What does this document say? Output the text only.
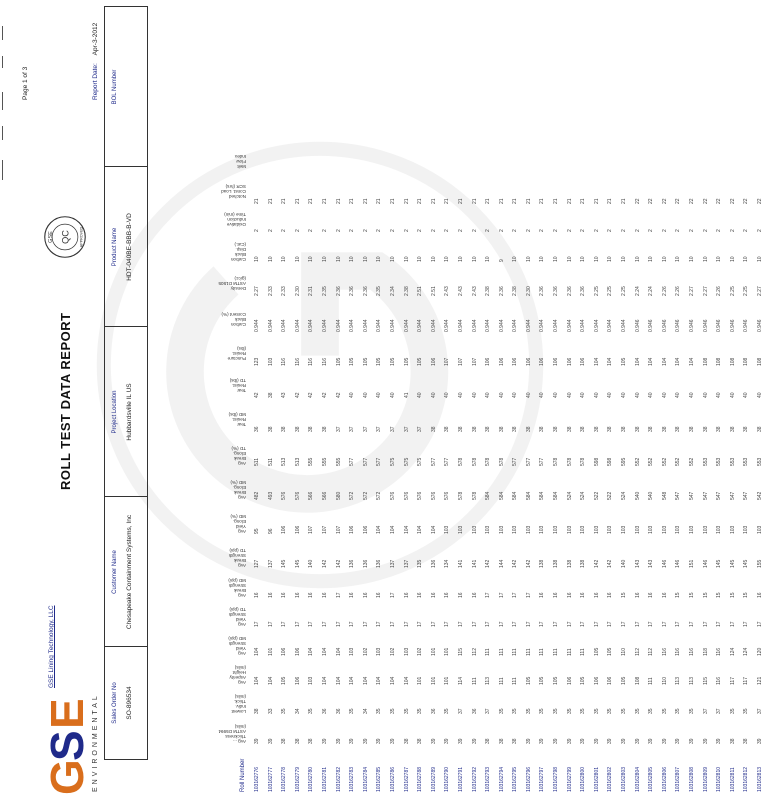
G
S
E ENVIRONMENTAL
GSE Lining Technology, LLC
ROLL TEST DATA REPORT
Page 1 of 3
GSE QC APPROVED
Report Date: Apr-3-2012
Sales Order No SO-896534
Customer Name Chesapeake Containment Systems, Inc
Project Location Hubbardsville IL US
Product Name HDT-040BE-BBB-B-VD
BOL Number
Avg ...
Thickness
ASTM D5994
(mils)
Lowest
Indiv.
Thick.
(mils)
Avg
Asperity
Height
(mils)
Avg
Yield
Strength
MD (ppi)
Avg
Yield
Strength
TD (ppi)
Avg
Break
Strength
MD (ppi)
Avg
Break
Strength
TD (ppi)
Avg
Yield
Elong.
MD (%)
Avg
Break
Elong.
MD (%)
Avg
Break
Elong.
TD (%)
Tear
Resist.
MD (lbs)
Tear
Resist.
TD (lbs)
Puncture
Resist.
(lbs)
Carbon
Black
Content (%)
Density
ASTM D1505
(g/cc)
Carbon
Black
Disp.
(Cat.)
Oxidative
Induction
Time (min)
Notched
Const. Load
SCR (hrs)
Melt
Flow
Index
Roll Number 103162776
39
38
104
104
17
16
127
95
482
511
36
42
123
0.944
2.27
10
2
21
103162777
39
33
104
101
17
16
137
96
493
511
38
38
103
0.944
2.33
10
2
21
103162778
38
35
105
106
17
16
145
106
576
513
38
43
116
0.944
2.33
10
2
21
103162779
38
34
106
106
17
16
145
106
576
513
38
42
116
0.944
2.30
10
2
21
103162780
38
35
103
104
17
16
140
107
566
555
38
42
116
0.944
2.31
10
2
21
103162781
39
36
104
104
17
16
142
107
566
555
38
42
116
0.944
2.35
10
2
21
103162782
39
36
104
104
17
17
142
107
580
555
37
42
105
0.944
2.36
10
2
21
103162783
39
35
104
103
17
16
136
106
572
577
37
40
105
0.944
2.36
10
2
21
103162784
39
34
104
102
17
16
136
106
572
577
37
40
105
0.944
2.36
10
2
21
103162785
39
35
104
103
17
16
136
104
572
577
37
40
105
0.944
2.35
10
2
21
103162786
39
35
104
102
17
17
137
104
576
575
37
40
105
0.944
2.34
10
2
21
103162787
38
35
104
103
17
16
137
104
576
575
37
41
105
0.944
2.38
10
2
21
103162788
38
35
101
102
17
16
135
104
576
575
37
40
105
0.944
2.51
10
2
21
103162789
39
36
101
101
17
16
136
104
576
577
38
40
106
0.944
2.51
10
2
21
103162790
39
35
101
101
17
16
134
103
576
577
38
40
107
0.944
2.43
10
2
21
103162791
39
37
114
115
17
16
141
103
578
578
38
40
107
0.944
2.43
10
2
21
103162792
39
36
111
112
17
16
141
103
578
578
38
40
107
0.944
2.43
10
2
21
103162793
38
37
113
111
17
17
142
103
584
578
38
40
106
0.944
2.38
10
2
21
103162794
38
35
111
111
17
17
144
103
584
578
38
40
106
0.944
2.36
9
2
21
103162795
38
35
111
111
17
17
142
103
584
577
38
40
106
0.944
2.38
10
2
21
103162796
39
35
105
111
17
17
142
103
584
577
38
40
106
0.944
2.30
10
2
21
103162797
39
35
105
111
17
16
138
103
584
577
38
40
106
0.944
2.36
10
2
21
103162798
39
35
105
111
17
16
138
103
584
578
38
40
106
0.944
2.36
10
2
21
103162799
39
35
106
111
17
16
138
103
524
578
38
40
106
0.944
2.36
10
2
21
103162800
39
35
105
111
17
16
138
103
524
578
38
40
106
0.944
2.36
10
2
21
103162801
39
35
106
105
17
16
142
103
522
598
38
40
104
0.944
2.25
10
2
21
103162802
39
35
106
105
17
16
142
103
522
598
38
40
104
0.944
2.25
10
2
21
103162803
39
35
105
110
17
15
140
103
524
595
38
40
105
0.944
2.25
10
2
21
103162804
39
35
108
112
17
16
143
103
540
552
38
40
104
0.946
2.24
10
2
22
103162805
39
35
111
112
17
16
143
103
540
552
38
40
104
0.946
2.24
10
2
22
103162806
39
35
110
116
17
16
146
103
548
552
38
40
104
0.946
2.26
10
2
22
103162807
39
35
113
116
17
15
146
103
547
552
38
40
104
0.946
2.26
10
2
22
103162808
39
35
113
116
17
15
151
103
547
552
38
40
104
0.946
2.27
10
2
22
103162809
39
37
115
118
17
15
146
103
547
553
38
40
108
0.946
2.27
10
2
22
103162810
39
37
116
116
17
15
145
103
547
553
38
40
108
0.946
2.26
10
2
22
103162811
38
35
117
124
17
15
145
103
547
553
38
40
108
0.946
2.25
10
2
22
103162812
38
35
117
124
17
15
145
103
547
553
38
40
108
0.946
2.25
10
2
22
103162813
39
37
121
120
17
16
155
103
542
553
38
40
108
0.946
2.27
10
2
22
